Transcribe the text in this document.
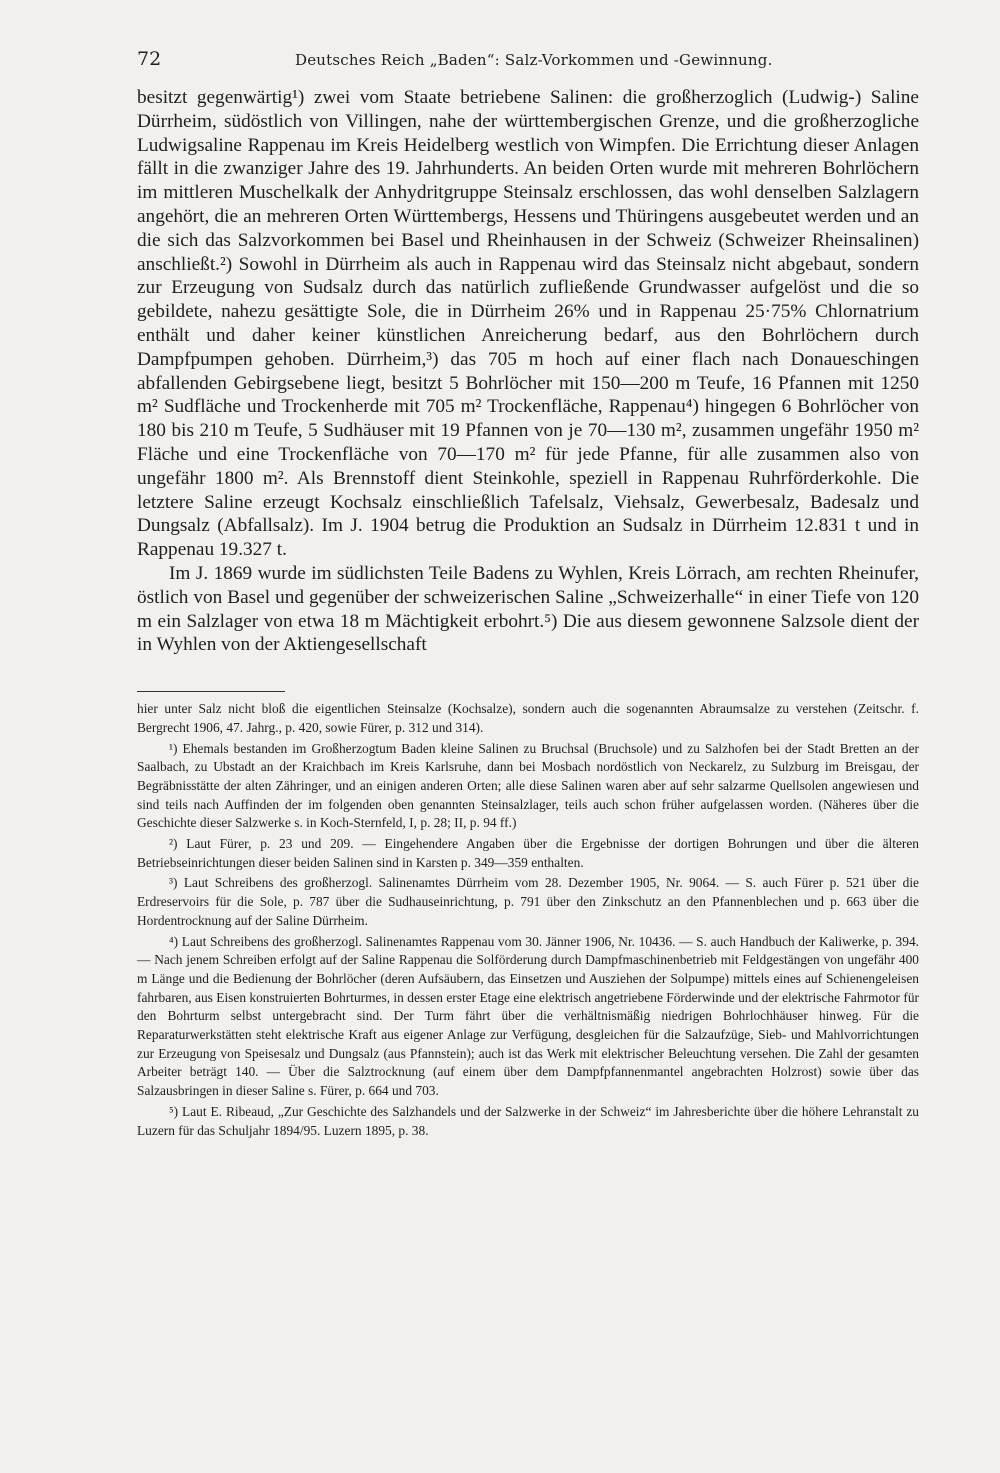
72	Deutsches Reich „Baden“: Salz-Vorkommen und -Gewinnung.

besitzt gegenwärtig¹) zwei vom Staate betriebene Salinen: die großherzoglich (Ludwig-) Saline Dürrheim, südöstlich von Villingen, nahe der württembergischen Grenze, und die großherzogliche Ludwigsaline Rappenau im Kreis Heidelberg westlich von Wimpfen. Die Errichtung dieser Anlagen fällt in die zwanziger Jahre des 19. Jahrhunderts. An beiden Orten wurde mit mehreren Bohrlöchern im mittleren Muschelkalk der Anhydritgruppe Steinsalz erschlossen, das wohl denselben Salzlagern angehört, die an mehreren Orten Württembergs, Hessens und Thüringens ausgebeutet werden und an die sich das Salzvorkommen bei Basel und Rheinhausen in der Schweiz (Schweizer Rheinsalinen) anschließt.²) Sowohl in Dürrheim als auch in Rappenau wird das Steinsalz nicht abgebaut, sondern zur Erzeugung von Sudsalz durch das natürlich zufließende Grundwasser aufgelöst und die so gebildete, nahezu gesättigte Sole, die in Dürrheim 26% und in Rappenau 25·75% Chlornatrium enthält und daher keiner künstlichen Anreicherung bedarf, aus den Bohrlöchern durch Dampfpumpen gehoben. Dürrheim,³) das 705 m hoch auf einer flach nach Donaueschingen abfallenden Gebirgsebene liegt, besitzt 5 Bohrlöcher mit 150—200 m Teufe, 16 Pfannen mit 1250 m² Sudfläche und Trockenherde mit 705 m² Trockenfläche, Rappenau⁴) hingegen 6 Bohrlöcher von 180 bis 210 m Teufe, 5 Sudhäuser mit 19 Pfannen von je 70—130 m², zusammen ungefähr 1950 m² Fläche und eine Trockenfläche von 70—170 m² für jede Pfanne, für alle zusammen also von ungefähr 1800 m². Als Brennstoff dient Steinkohle, speziell in Rappenau Ruhrförderkohle. Die letztere Saline erzeugt Kochsalz einschließlich Tafelsalz, Viehsalz, Gewerbesalz, Badesalz und Dungsalz (Abfallsalz). Im J. 1904 betrug die Produktion an Sudsalz in Dürrheim 12.831 t und in Rappenau 19.327 t.

Im J. 1869 wurde im südlichsten Teile Badens zu Wyhlen, Kreis Lörrach, am rechten Rheinufer, östlich von Basel und gegenüber der schweizerischen Saline „Schweizerhalle“ in einer Tiefe von 120 m ein Salzlager von etwa 18 m Mächtigkeit erbohrt.⁵) Die aus diesem gewonnene Salzsole dient der in Wyhlen von der Aktiengesellschaft

hier unter Salz nicht bloß die eigentlichen Steinsalze (Kochsalze), sondern auch die sogenannten Abraumsalze zu verstehen (Zeitschr. f. Bergrecht 1906, 47. Jahrg., p. 420, sowie Fürer, p. 312 und 314).

¹) Ehemals bestanden im Großherzogtum Baden kleine Salinen zu Bruchsal (Bruchsole) und zu Salzhofen bei der Stadt Bretten an der Saalbach, zu Ubstadt an der Kraichbach im Kreis Karlsruhe, dann bei Mosbach nordöstlich von Neckarelz, zu Sulzburg im Breisgau, der Begräbnisstätte der alten Zähringer, und an einigen anderen Orten; alle diese Salinen waren aber auf sehr salzarme Quellsolen angewiesen und sind teils nach Auffinden der im folgenden oben genannten Steinsalzlager, teils auch schon früher aufgelassen worden. (Näheres über die Geschichte dieser Salzwerke s. in Koch-Sternfeld, I, p. 28; II, p. 94 ff.)

²) Laut Fürer, p. 23 und 209. — Eingehendere Angaben über die Ergebnisse der dortigen Bohrungen und über die älteren Betriebseinrichtungen dieser beiden Salinen sind in Karsten p. 349—359 enthalten.

³) Laut Schreibens des großherzogl. Salinenamtes Dürrheim vom 28. Dezember 1905, Nr. 9064. — S. auch Fürer p. 521 über die Erdreservoirs für die Sole, p. 787 über die Sudhauseinrichtung, p. 791 über den Zinkschutz an den Pfannenblechen und p. 663 über die Hordentrocknung auf der Saline Dürrheim.

⁴) Laut Schreibens des großherzogl. Salinenamtes Rappenau vom 30. Jänner 1906, Nr. 10436. — S. auch Handbuch der Kaliwerke, p. 394. — Nach jenem Schreiben erfolgt auf der Saline Rappenau die Solförderung durch Dampfmaschinenbetrieb mit Feldgestängen von ungefähr 400 m Länge und die Bedienung der Bohrlöcher (deren Aufsäubern, das Einsetzen und Ausziehen der Solpumpe) mittels eines auf Schienengeleisen fahrbaren, aus Eisen konstruierten Bohrturmes, in dessen erster Etage eine elektrisch angetriebene Förderwinde und der elektrische Fahrmotor für den Bohrturm selbst untergebracht sind. Der Turm fährt über die verhältnismäßig niedrigen Bohrlochhäuser hinweg. Für die Reparaturwerkstätten steht elektrische Kraft aus eigener Anlage zur Verfügung, desgleichen für die Salzaufzüge, Sieb- und Mahlvorrichtungen zur Erzeugung von Speisesalz und Dungsalz (aus Pfannstein); auch ist das Werk mit elektrischer Beleuchtung versehen. Die Zahl der gesamten Arbeiter beträgt 140. — Über die Salztrocknung (auf einem über dem Dampfpfannenmantel angebrachten Holzrost) sowie über das Salzausbringen in dieser Saline s. Fürer, p. 664 und 703.

⁵) Laut E. Ribeaud, „Zur Geschichte des Salzhandels und der Salzwerke in der Schweiz“ im Jahresberichte über die höhere Lehranstalt zu Luzern für das Schuljahr 1894/95. Luzern 1895, p. 38.
